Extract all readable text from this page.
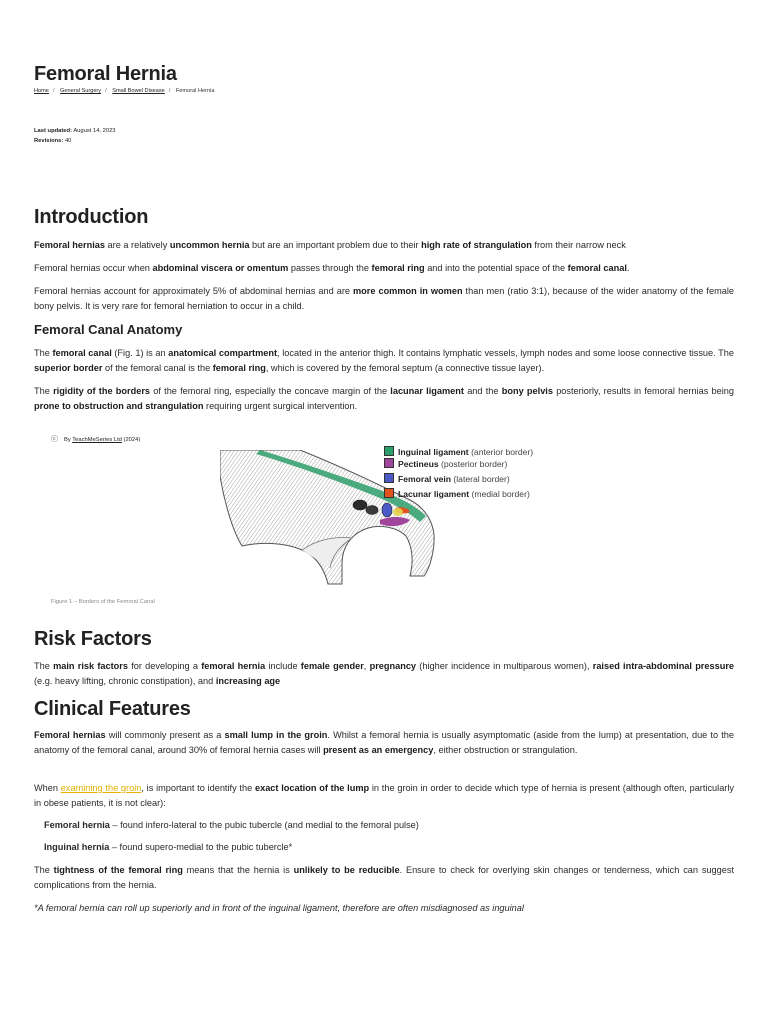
Femoral Hernia
Home / General Surgery / Small Bowel Disease / Femoral Hernia
Last updated: August 14, 2023
Revisions: 40
Introduction

Femoral hernias are a relatively uncommon hernia but are an important problem due to their high rate of strangulation from their narrow neck

Femoral hernias occur when abdominal viscera or omentum passes through the femoral ring and into the potential space of the femoral canal.

Femoral hernias account for approximately 5% of abdominal hernias and are more common in women than men (ratio 3:1), because of the wider anatomy of the female bony pelvis. It is very rare for femoral herniation to occur in a child.

Femoral Canal Anatomy

The femoral canal (Fig. 1) is an anatomical compartment, located in the anterior thigh. It contains lymphatic vessels, lymph nodes and some loose connective tissue. The superior border of the femoral canal is the femoral ring, which is covered by the femoral septum (a connective tissue layer).

The rigidity of the borders of the femoral ring, especially the concave margin of the lacunar ligament and the bony pelvis posteriorly, results in femoral hernias being prone to obstruction and strangulation requiring urgent surgical intervention.

ⓒ By TeachMeSeries Ltd (2024)
Inguinal ligament (anterior border)
Pectineus (posterior border)
Femoral vein (lateral border)
Lacunar ligament (medial border)
Figure 1 – Borders of the Femoral Canal
Risk Factors

The main risk factors for developing a femoral hernia include female gender, pregnancy (higher incidence in multiparous women), raised intra-abdominal pressure (e.g. heavy lifting, chronic constipation), and increasing age

Clinical Features

Femoral hernias will commonly present as a small lump in the groin. Whilst a femoral hernia is usually asymptomatic (aside from the lump) at presentation, due to the anatomy of the femoral canal, around 30% of femoral hernia cases will present as an emergency, either obstruction or strangulation.

When examining the groin, is important to identify the exact location of the lump in the groin in order to decide which type of hernia is present (although often, particularly in obese patients, it is not clear):

Femoral hernia – found infero-lateral to the pubic tubercle (and medial to the femoral pulse)
Inguinal hernia – found supero-medial to the pubic tubercle*

The tightness of the femoral ring means that the hernia is unlikely to be reducible. Ensure to check for overlying skin changes or tenderness, which can suggest complications from the hernia.

*A femoral hernia can roll up superiorly and in front of the inguinal ligament, therefore are often misdiagnosed as inguinal
